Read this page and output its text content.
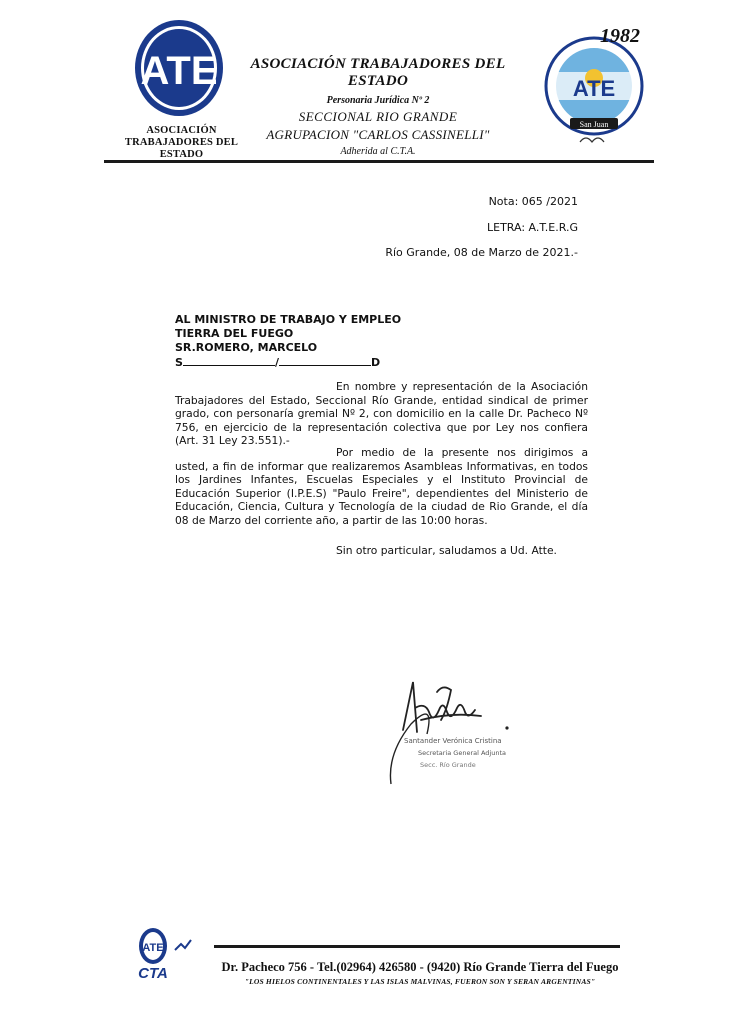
ATE
ASOCIACIÓN
TRABAJADORES DEL ESTADO
ASOCIACIÓN TRABAJADORES DEL ESTADO
Personaria Jurídica Nº 2
SECCIONAL RIO GRANDE
AGRUPACION "CARLOS CASSINELLI"
Adherida al C.T.A.
ATE
San Juan
1982
Nota: 065 /2021
LETRA: A.T.E.R.G
Río Grande, 08 de Marzo de 2021.-
AL MINISTRO DE TRABAJO Y EMPLEO
TIERRA DEL FUEGO
SR.ROMERO, MARCELO
S	/	D
En nombre y representación de la Asociación Trabajadores del Estado, Seccional Río Grande, entidad sindical de primer grado, con personaría gremial Nº 2, con domicilio en la calle Dr. Pacheco Nº 756, en ejercicio de la representación colectiva que por Ley nos confiera (Art. 31 Ley 23.551).-
Por medio de la presente nos dirigimos a usted, a fin de informar que realizaremos Asambleas Informativas, en todos los Jardines Infantes, Escuelas Especiales y el Instituto Provincial de Educación Superior (I.P.E.S) "Paulo Freire", dependientes del Ministerio de Educación, Ciencia, Cultura y Tecnología de la ciudad de Rio Grande, el día 08 de Marzo del corriente año, a partir de las 10:00 horas.
Sin otro particular, saludamos a Ud. Atte.
Santander Verónica Cristina
Secretaria General Adjunta
Secc. Río Grande
ATE
CTA	Dr. Pacheco 756 - Tel.(02964) 426580 - (9420) Río Grande Tierra del Fuego
"LOS HIELOS CONTINENTALES Y LAS ISLAS MALVINAS, FUERON SON Y SERAN ARGENTINAS"
